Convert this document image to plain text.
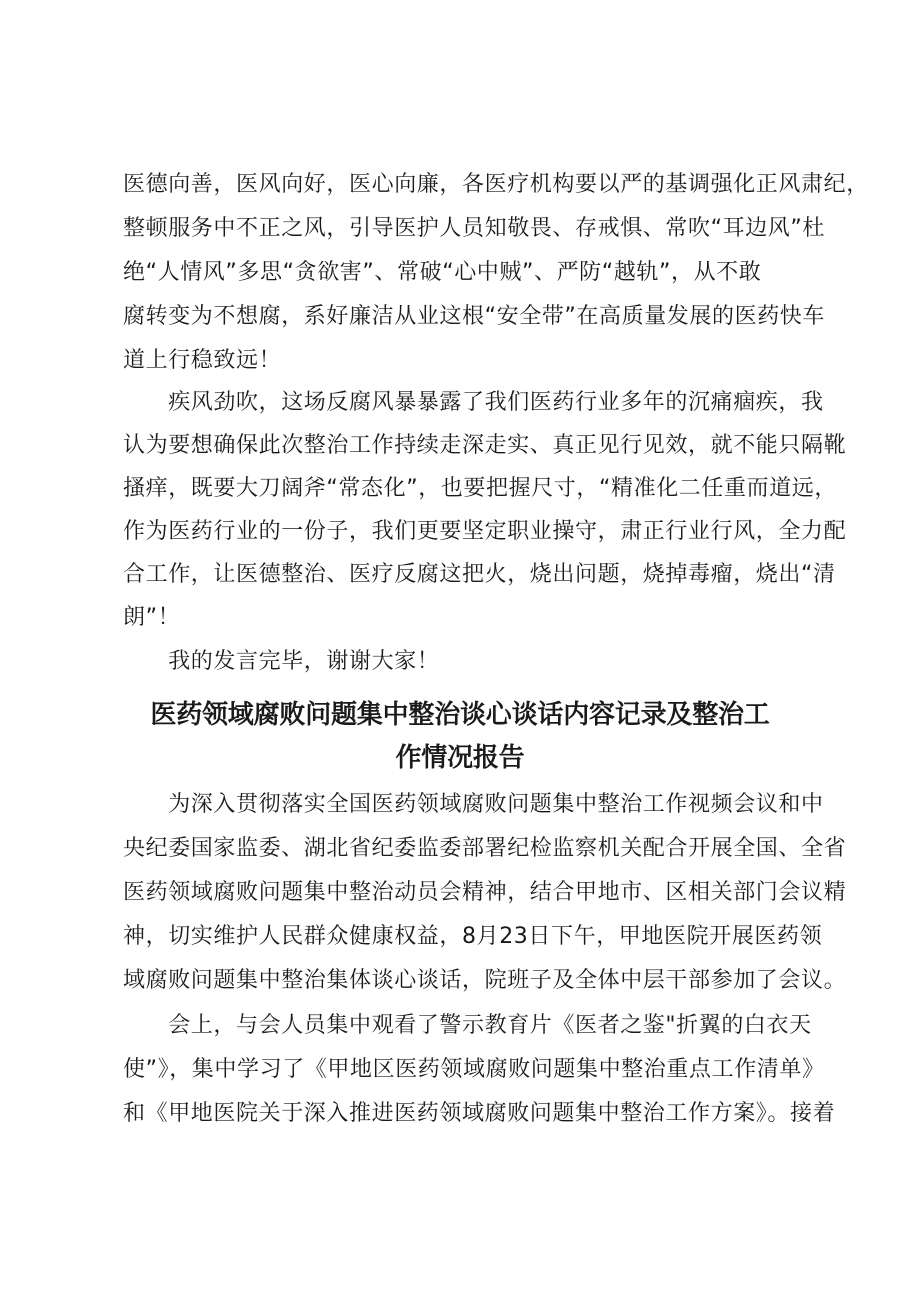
医德向善，医风向好，医心向廉，各医疗机构要以严的基调强化正风肃纪，
整顿服务中不正之风，引导医护人员知敬畏、存戒惧、常吹“耳边风”杜
绝“人情风”多思“贪欲害”、常破“心中贼”、严防“越轨”，从不敢
腐转变为不想腐，系好廉洁从业这根“安全带”在高质量发展的医药快车
道上行稳致远！
　　疾风劲吹，这场反腐风暴暴露了我们医药行业多年的沉痛痼疾，我
认为要想确保此次整治工作持续走深走实、真正见行见效，就不能只隔靴
搔痒，既要大刀阔斧“常态化”，也要把握尺寸，“精准化二任重而道远，
作为医药行业的一份子，我们更要坚定职业操守，肃正行业行风，全力配
合工作，让医德整治、医疗反腐这把火，烧出问题，烧掉毒瘤，烧出“清
朗”！
　　我的发言完毕，谢谢大家！
医药领域腐败问题集中整治谈心谈话内容记录及整治工
作情况报告
　　为深入贯彻落实全国医药领域腐败问题集中整治工作视频会议和中
央纪委国家监委、湖北省纪委监委部署纪检监察机关配合开展全国、全省
医药领域腐败问题集中整治动员会精神，结合甲地市、区相关部门会议精
神，切实维护人民群众健康权益，8月23日下午，甲地医院开展医药领
域腐败问题集中整治集体谈心谈话，院班子及全体中层干部参加了会议。
　　会上，与会人员集中观看了警示教育片《医者之鉴"折翼的白衣天
使”》，集中学习了《甲地区医药领域腐败问题集中整治重点工作清单》
和《甲地医院关于深入推进医药领域腐败问题集中整治工作方案》。接着
